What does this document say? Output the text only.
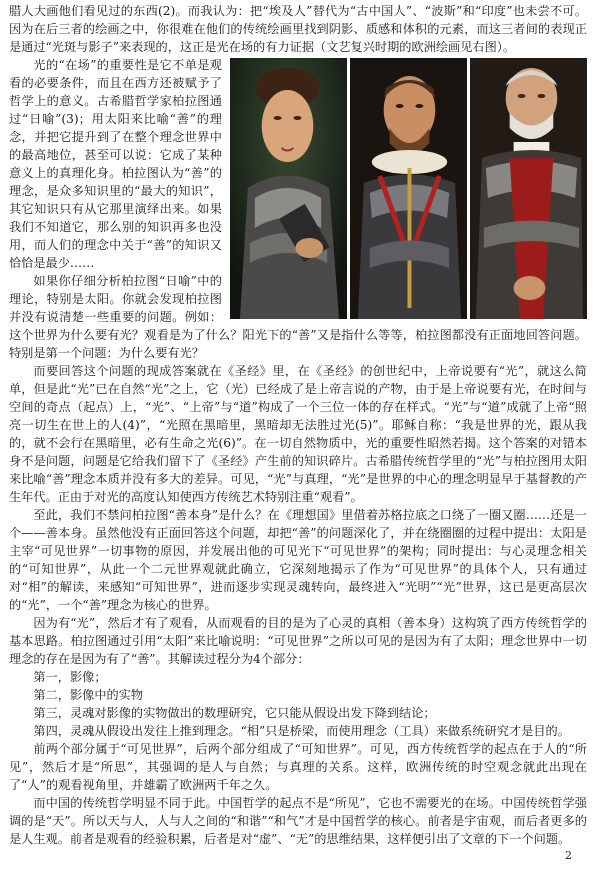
腊人大画他们看见过的东西(2)。而我认为：把“埃及人”替代为“古中国人”、“波斯”和“印度”也未尝不可。因为在后三者的绘画之中，你很难在他们的传统绘画里找到阴影、质感和体积的元素，而这三者间的表现正是通过“光斑与影子”来表现的，这正是光在场的有力证据（文艺复兴时期的欧洲绘画见右图）。

光的“在场”的重要性是它不单是观看的必要条件，而且在西方还被赋予了哲学上的意义。古希腊哲学家柏拉图通过“日喻”(3)；用太阳来比喻“善”的理念，并把它提升到了在整个理念世界中的最高地位，甚至可以说：它成了某种意义上的真理化身。柏拉图认为“善”的理念，是众多知识里的“最大的知识”，其它知识只有从它那里演绎出来。如果我们不知道它，那么别的知识再多也没用，而人们的理念中关于“善”的知识又恰恰是最少……

如果你仔细分析柏拉图“日喻”中的理论，特别是太阳。你就会发现柏拉图并没有说清楚一些重要的问题。例如：这个世界为什么要有光？观看是为了什么？阳光下的“善”又是指什么等等，柏拉图都没有正面地回答问题。特别是第一个问题：为什么要有光？

而要回答这个问题的现成答案就在《圣经》里，在《圣经》的创世纪中，上帝说要有“光”，就这么简单，但是此“光”已在自然“光”之上，它（光）已经成了是上帝言说的产物，由于是上帝说要有光，在时间与空间的奇点（起点）上，“光”、“上帝”与“道”构成了一个三位一体的存在样式。“光”与“道”成就了上帝“照亮一切生在世上的人(4)”，“光照在黑暗里，黑暗却无法胜过光(5)”。耶稣自称：“我是世界的光，跟从我的，就不会行在黑暗里，必有生命之光(6)”。在一切自然物质中，光的重要性昭然若揭。这个答案的对错本身不是问题，问题是它给我们留下了《圣经》产生前的知识碎片。古希腊传统哲学里的“光”与柏拉图用太阳来比喻“善”理念本质并没有多大的差异。可见，“光”与真理，“光”是世界的中心的理念明显早于基督教的产生年代。正由于对光的高度认知使西方传统艺术特别注重“观看”。

至此，我们不禁问柏拉图“善本身”是什么？在《理想国》里借着苏格拉底之口绕了一圈又圈……还是一个——善本身。虽然他没有正面回答这个问题，却把“善”的问题深化了，并在绕圈圈的过程中提出：太阳是主宰“可见世界”一切事物的原因，并发展出他的可见光下“可见世界”的架构；同时提出：与心灵理念相关的“可知世界”，从此一个二元世界观就此确立，它深刻地揭示了作为“可见世界”的具体个人，只有通过对“相”的解读，来感知“可知世界”，进而逐步实现灵魂转向，最终进入“光明”“光”世界，这已是更高层次的“光”，一个“善”理念为核心的世界。

因为有“光”，然后才有了观看，从而观看的目的是为了心灵的真相（善本身）这构筑了西方传统哲学的基本思路。柏拉图通过引用“太阳”来比喻说明：“可见世界”之所以可见的是因为有了太阳；理念世界中一切理念的存在是因为有了“善”。其解读过程分为4个部分：

第一，影像；

第二，影像中的实物

第三，灵魂对影像的实物做出的数理研究，它只能从假设出发下降到结论；

第四，灵魂从假设出发往上推到理念。“相”只是桥梁，而使用理念（工具）来做系统研究才是目的。

前两个部分属于“可见世界”，后两个部分组成了“可知世界”。可见，西方传统哲学的起点在于人的“所见”，然后才是“所思”，其强调的是人与自然；与真理的关系。这样，欧洲传统的时空观念就此出现在了“人”的观看视角里，并雄霸了欧洲两千年之久。

而中国的传统哲学明显不同于此。中国哲学的起点不是“所见”，它也不需要光的在场。中国传统哲学强调的是“天”。所以天与人，人与人之间的“和谐”“和气”才是中国哲学的核心。前者是宇宙观，而后者更多的是人生观。前者是观看的经验积累，后者是对“虚”、“无”的思维结果，这样便引出了文章的下一个问题。

2
